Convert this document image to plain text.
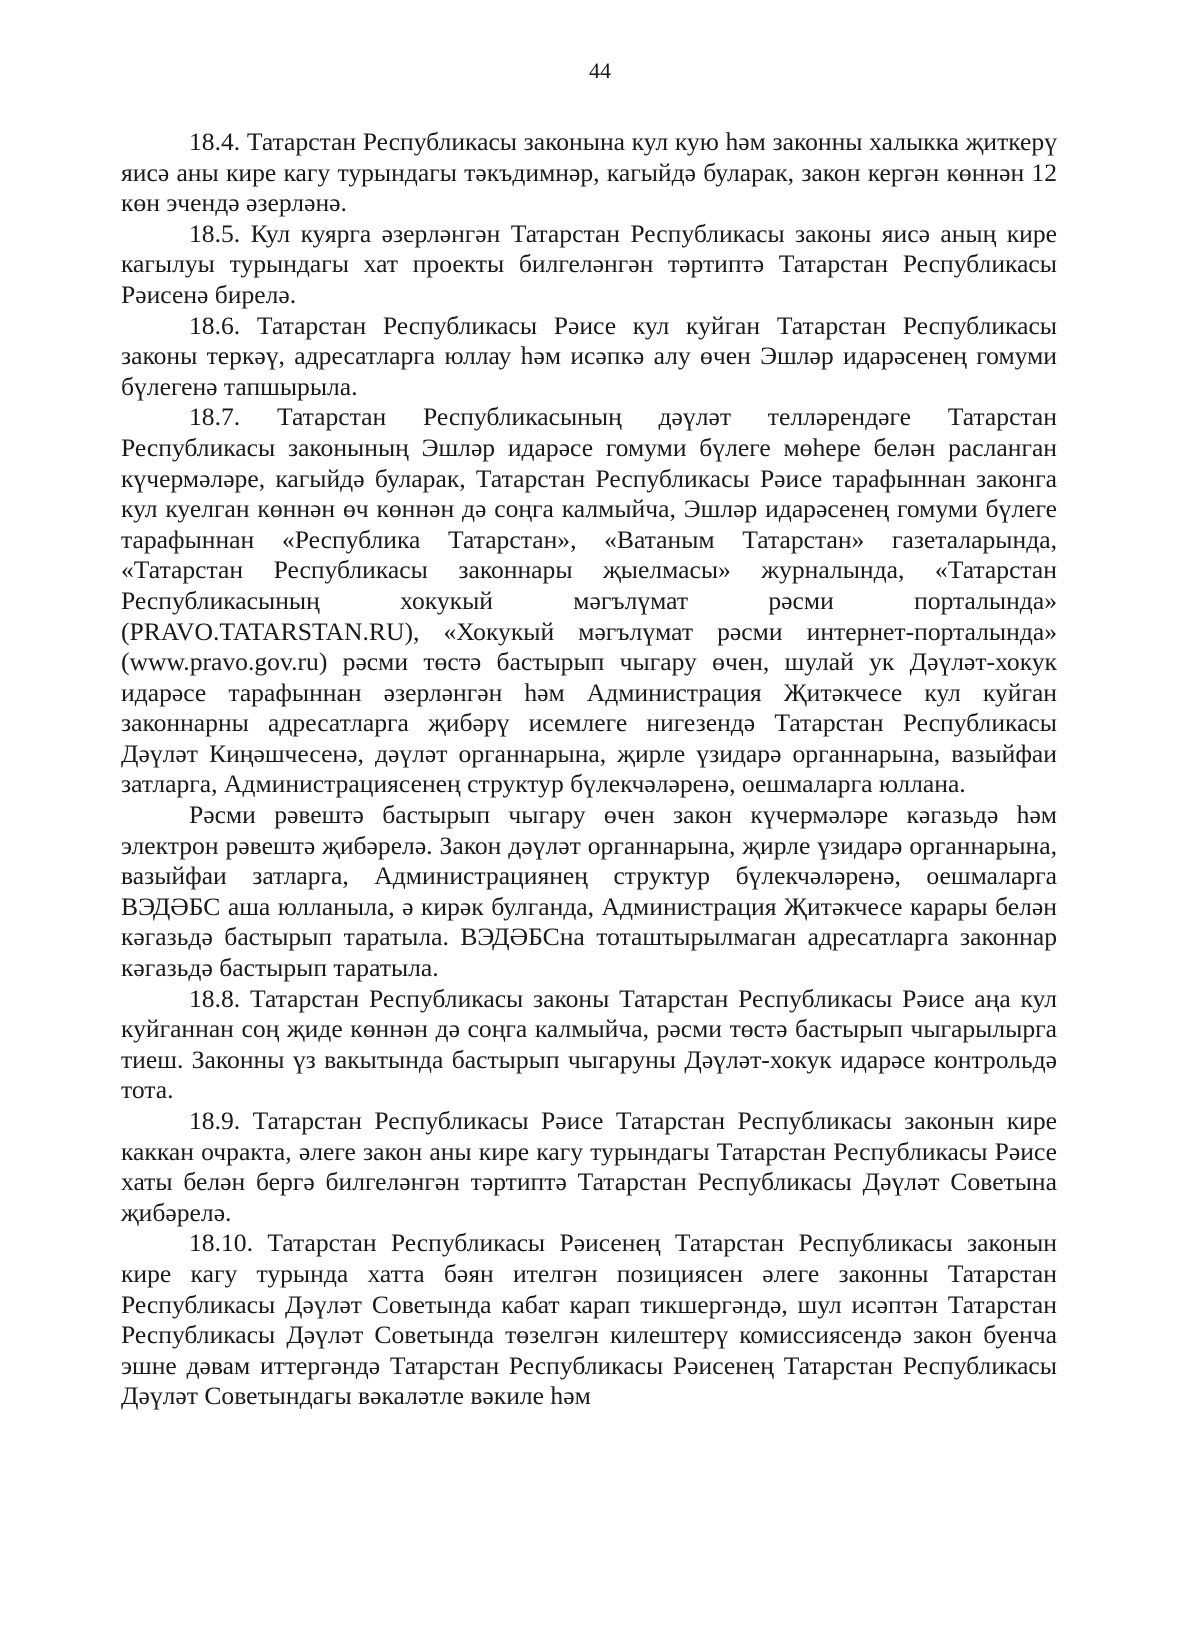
44

18.4. Татарстан Республикасы законына кул кую һәм законны халыкка җиткерү яисә аны кире кагу турындагы тәкъдимнәр, кагыйдә буларак, закон кергән көннән 12 көн эчендә әзерләнә.

18.5. Кул куярга әзерләнгән Татарстан Республикасы законы яисә аның кире кагылуы турындагы хат проекты билгеләнгән тәртиптә Татарстан Республикасы Рәисенә бирелә.

18.6. Татарстан Республикасы Рәисе кул куйган Татарстан Республикасы законы теркәү, адресатларга юллау һәм исәпкә алу өчен Эшләр идарәсенең гомуми бүлегенә тапшырыла.

18.7. Татарстан Республикасының дәүләт телләрендәге Татарстан Республикасы законының Эшләр идарәсе гомуми бүлеге мөһере белән расланган күчермәләре, кагыйдә буларак, Татарстан Республикасы Рәисе тарафыннан законга кул куелган көннән өч көннән дә соңга калмыйча, Эшләр идарәсенең гомуми бүлеге тарафыннан «Республика Татарстан», «Ватаным Татарстан» газеталарында, «Татарстан Республикасы законнары җыелмасы» журналында, «Татарстан Республикасының хокукый мәгълүмат рәсми порталында» (PRAVO.TATARSTAN.RU), «Хокукый мәгълүмат рәсми интернет-порталында» (www.pravo.gov.ru) рәсми төстә бастырып чыгару өчен, шулай ук Дәүләт-хокук идарәсе тарафыннан әзерләнгән һәм Администрация Җитәкчесе кул куйган законнарны адресатларга җибәрү исемлеге нигезендә Татарстан Республикасы Дәүләт Киңәшчесенә, дәүләт органнарына, җирле үзидарә органнарына, вазыйфаи затларга, Администрациясенең структур бүлекчәләренә, оешмаларга юллана.

Рәсми рәвештә бастырып чыгару өчен закон күчермәләре кәгазьдә һәм электрон рәвештә җибәрелә. Закон дәүләт органнарына, җирле үзидарә органнарына, вазыйфаи затларга, Администрациянең структур бүлекчәләренә, оешмаларга ВЭДӘБС аша юлланыла, ә кирәк булганда, Администрация Җитәкчесе карары белән кәгазьдә бастырып таратыла. ВЭДӘБСна тоташтырылмаган адресатларга законнар кәгазьдә бастырып таратыла.

18.8. Татарстан Республикасы законы Татарстан Республикасы Рәисе аңа кул куйганнан соң җиде көннән дә соңга калмыйча, рәсми төстә бастырып чыгарылырга тиеш. Законны үз вакытында бастырып чыгаруны Дәүләт-хокук идарәсе контрольдә тота.

18.9. Татарстан Республикасы Рәисе Татарстан Республикасы законын кире каккан очракта, әлеге закон аны кире кагу турындагы Татарстан Республикасы Рәисе хаты белән бергә билгеләнгән тәртиптә Татарстан Республикасы Дәүләт Советына җибәрелә.

18.10. Татарстан Республикасы Рәисенең Татарстан Республикасы законын кире кагу турында хатта бәян ителгән позициясен әлеге законны Татарстан Республикасы Дәүләт Советында кабат карап тикшергәндә, шул исәптән Татарстан Республикасы Дәүләт Советында төзелгән килештерү комиссиясендә закон буенча эшне дәвам иттергәндә Татарстан Республикасы Рәисенең Татарстан Республикасы Дәүләт Советындагы вәкаләтле вәкиле һәм
